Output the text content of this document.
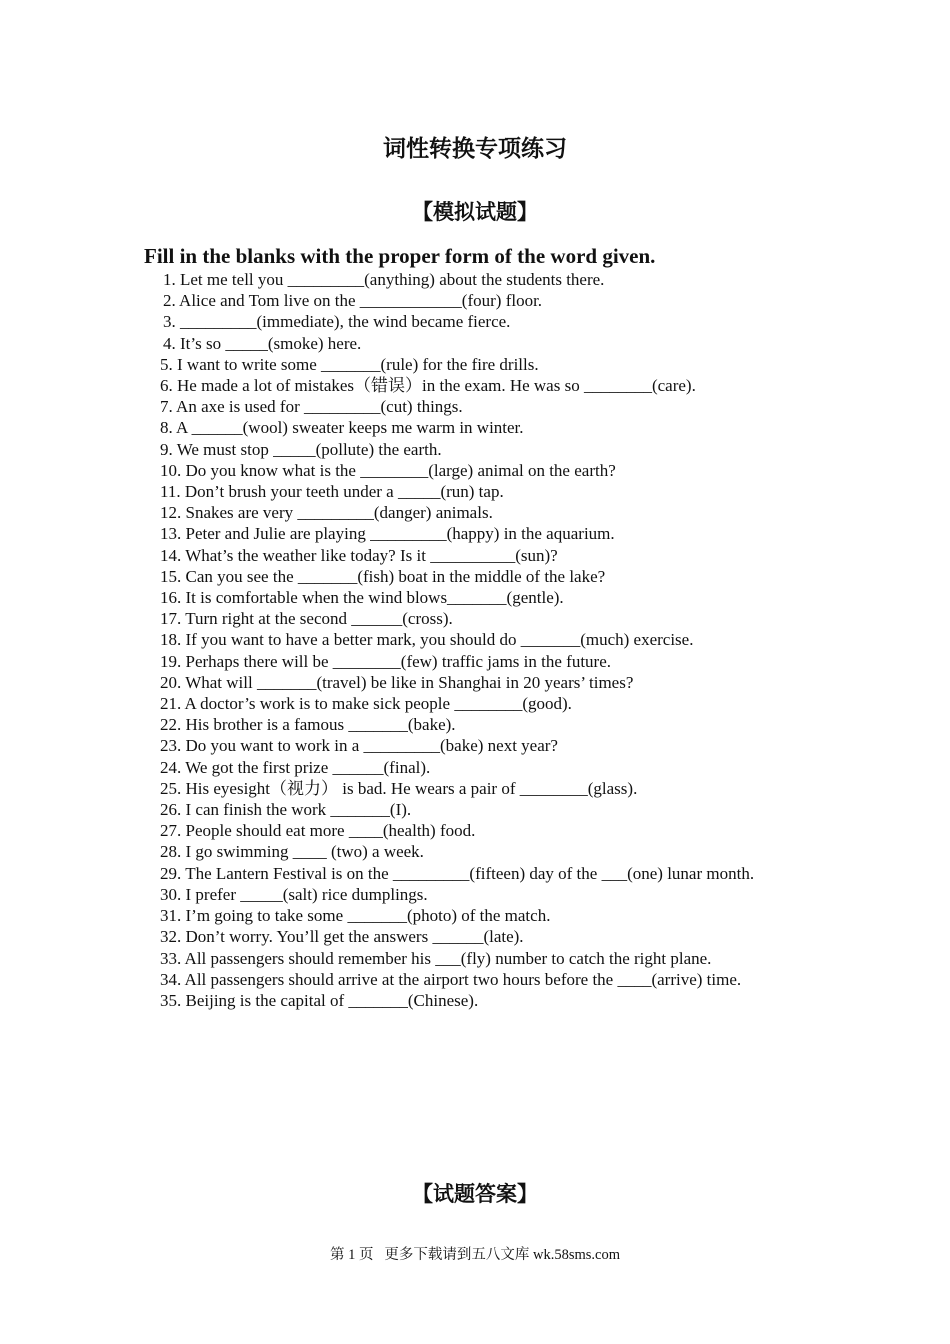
词性转换专项练习
【模拟试题】

Fill in the blanks with the proper form of the word given.

1. Let me tell you _________(anything) about the students there.
2. Alice and Tom live on the ____________(four) floor.
3. _________(immediate), the wind became fierce.
4. It’s so _____(smoke) here.
5. I want to write some _______(rule) for the fire drills.
6. He made a lot of mistakes（错误）in the exam. He was so ________(care).
7. An axe is used for _________(cut) things.
8. A ______(wool) sweater keeps me warm in winter.
9. We must stop _____(pollute) the earth.
10. Do you know what is the ________(large) animal on the earth?
11. Don’t brush your teeth under a _____(run) tap.
12. Snakes are very _________(danger) animals.
13. Peter and Julie are playing _________(happy) in the aquarium.
14. What’s the weather like today? Is it __________(sun)?
15. Can you see the _______(fish) boat in the middle of the lake?
16. It is comfortable when the wind blows_______(gentle).
17. Turn right at the second ______(cross).
18. If you want to have a better mark, you should do _______(much) exercise.
19. Perhaps there will be ________(few) traffic jams in the future.
20. What will _______(travel) be like in Shanghai in 20 years’ times?
21. A doctor’s work is to make sick people ________(good).
22. His brother is a famous _______(bake).
23. Do you want to work in a _________(bake) next year?
24. We got the first prize ______(final).
25. His eyesight（视力） is bad. He wears a pair of ________(glass).
26. I can finish the work _______(I).
27. People should eat more ____(health) food.
28. I go swimming ____ (two) a week.
29. The Lantern Festival is on the _________(fifteen) day of the ___(one) lunar month.
30. I prefer _____(salt) rice dumplings.
31. I’m going to take some _______(photo) of the match.
32. Don’t worry. You’ll get the answers ______(late).
33. All passengers should remember his ___(fly) number to catch the right plane.
34. All passengers should arrive at the airport two hours before the ____(arrive) time.
35. Beijing is the capital of _______(Chinese).
【试题答案】
第 1 页 更多下载请到五八文库 wk.58sms.com
